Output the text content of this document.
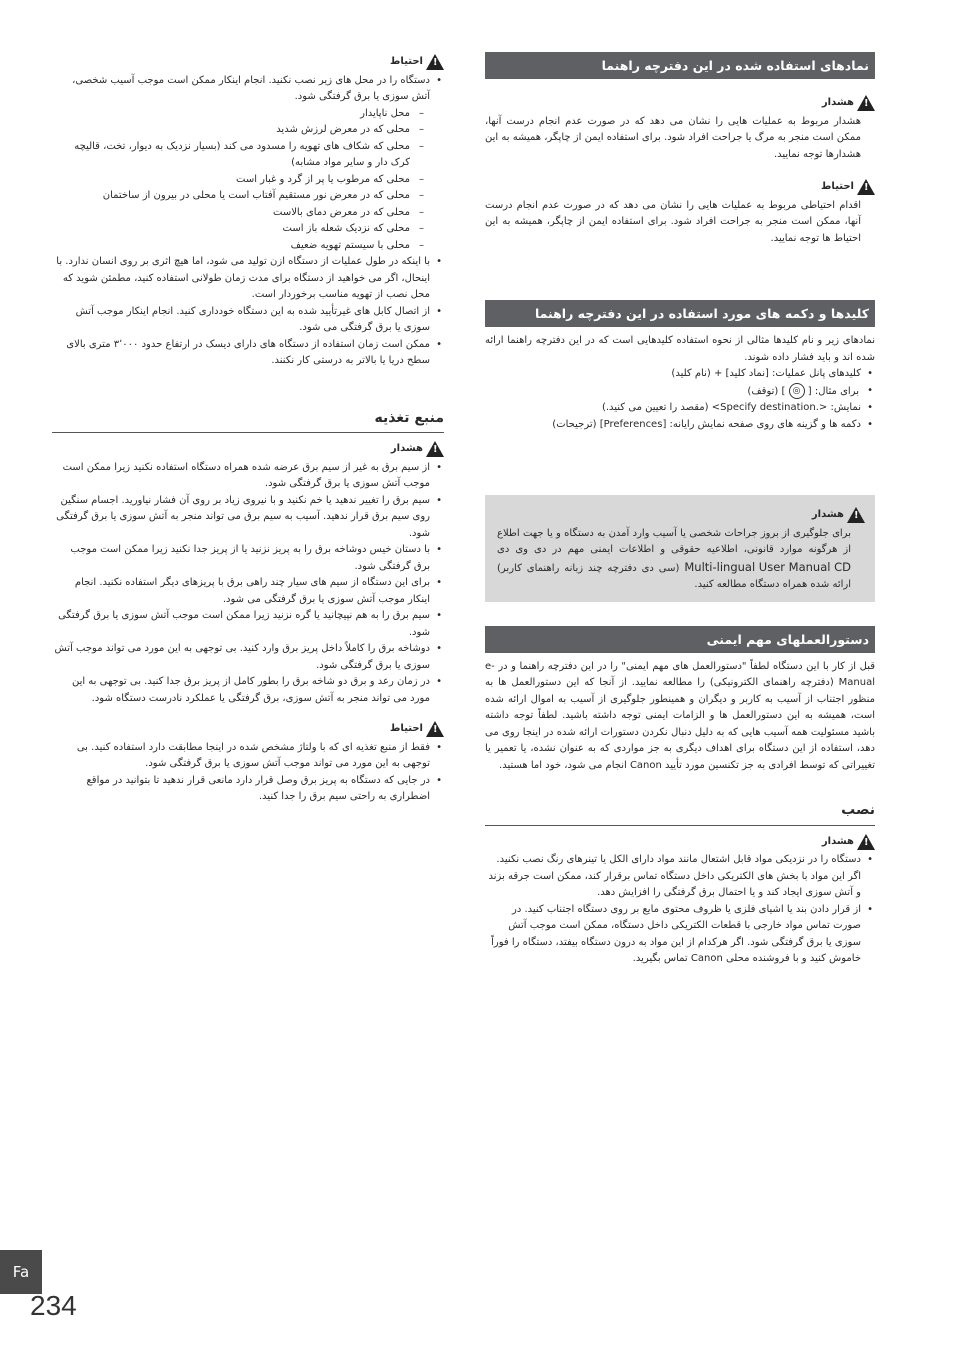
نمادهای استفاده شده در این دفترچه راهنما
!
هشدار

هشدار مربوط به عملیات هایی را نشان می دهد که در صورت عدم انجام درست آنها، ممکن است منجر به مرگ یا جراحت افراد شود. برای استفاده ایمن از چاپگر، همیشه به این هشدارها توجه نمایید.

!
احتیاط

اقدام احتیاطی مربوط به عملیات هایی را نشان می دهد که در صورت عدم انجام درست آنها، ممکن است منجر به جراحت افراد شود. برای استفاده ایمن از چاپگر، همیشه به این احتیاط ها توجه نمایید.

کلیدها و دکمه های مورد استفاده در این دفترچه راهنما

نمادهای زیر و نام کلیدها مثالی از نحوه استفاده کلیدهایی است که در این دفترچه راهنما ارائه شده اند و باید فشار داده شوند.

• کلیدهای پانل عملیات: [نماد کلید] + (نام کلید)
• برای مثال: [ ◎ ] (توقف)
• نمایش: <Specify destination.> (مقصد را تعیین می کنید.)
• دکمه ها و گزینه های روی صفحه نمایش رایانه: [Preferences] (ترجیحات)
!
هشدار

برای جلوگیری از بروز جراحات شخصی یا آسیب وارد آمدن به دستگاه و یا جهت اطلاع از هرگونه موارد قانونی، اطلاعیه حقوقی و اطلاعات ایمنی مهم در دی وی دی Multi-lingual User Manual CD (سی دی دفترچه چند زبانه راهنمای کاربر) ارائه شده همراه دستگاه مطالعه کنید.

دستورالعملهای مهم ایمنی

قبل از کار با این دستگاه لطفاً "دستورالعمل های مهم ایمنی" را در این دفترچه راهنما و در e-Manual (دفترچه راهنمای الکترونیکی) را مطالعه نمایید. از آنجا که این دستورالعمل ها به منظور اجتناب از آسیب به کاربر و دیگران و همینطور جلوگیری از آسیب به اموال ارائه شده است، همیشه به این دستورالعمل ها و الزامات ایمنی توجه داشته باشید. لطفاً توجه داشته باشید مسئولیت همه آسیب هایی که به دلیل دنبال نکردن دستورات ارائه شده در اینجا روی می دهد، استفاده از این دستگاه برای اهداف دیگری به جز مواردی که به عنوان نشده، یا تعمیر یا تغییراتی که توسط افرادی به جز تکنسین مورد تأیید Canon انجام می شود، خود اما هستید.

نصب
!
هشدار
• دستگاه را در نزدیکی مواد قابل اشتعال مانند مواد دارای الکل یا تینرهای رنگ نصب نکنید. اگر این مواد با بخش های الکتریکی داخل دستگاه تماس برقرار کند، ممکن است جرقه بزند و آتش سوزی ایجاد کند و یا احتمال برق گرفتگی را افزایش دهد.
• از قرار دادن بند یا اشیای فلزی یا ظروف محتوی مایع بر روی دستگاه اجتناب کنید. در صورت تماس مواد خارجی با قطعات الکتریکی داخل دستگاه، ممکن است موجب آتش سوزی یا برق گرفتگی شود. اگر هرکدام از این مواد به درون دستگاه بیفتد، دستگاه را فوراً خاموش کنید و با فروشنده محلی Canon تماس بگیرید.
!
احتیاط
• دستگاه را در محل های زیر نصب نکنید. انجام اینکار ممکن است موجب آسیب شخصی، آتش سوزی یا برق گرفتگی شود.
– محل ناپایدار
– محلی که در معرض لرزش شدید
– محلی که شکاف های تهویه را مسدود می کند (بسیار نزدیک به دیوار، تخت، قالیچه کرک دار و سایر مواد مشابه)
– محلی که مرطوب یا پر از گرد و غبار است
– محلی که در معرض نور مستقیم آفتاب است یا محلی در بیرون از ساختمان
– محلی که در معرض دمای بالاست
– محلی که نزدیک شعله باز است
– محلی با سیستم تهویه ضعیف
• با اینکه در طول عملیات از دستگاه ازن تولید می شود، اما هیچ اثری بر روی انسان ندارد. با اینحال، اگر می خواهید از دستگاه برای مدت زمان طولانی استفاده کنید، مطمئن شوید که محل نصب از تهویه مناسب برخوردار است.
• از اتصال کابل های غیرتأیید شده به این دستگاه خودداری کنید. انجام اینکار موجب آتش سوزی یا برق گرفتگی می شود.
• ممکن است زمان استفاده از دستگاه های دارای دیسک در ارتفاع حدود ۳٬۰۰۰ متری بالای سطح دریا یا بالاتر به درستی کار نکنند.
منبع تغذیه
!
هشدار
• از سیم برق به غیر از سیم برق عرضه شده همراه دستگاه استفاده نکنید زیرا ممکن است موجب آتش سوزی یا برق گرفتگی شود.
• سیم برق را تغییر ندهید یا خم نکنید و با نیروی زیاد بر روی آن فشار نیاورید. اجسام سنگین روی سیم برق قرار ندهید. آسیب به سیم برق می تواند منجر به آتش سوزی یا برق گرفتگی شود.
• با دستان خیس دوشاخه برق را به پریز نزنید یا از پریز جدا نکنید زیرا ممکن است موجب برق گرفتگی شود.
• برای این دستگاه از سیم های سیار چند راهی برق با پریزهای دیگر استفاده نکنید. انجام اینکار موجب آتش سوزی یا برق گرفتگی می شود.
• سیم برق را به هم نپیچانید یا گره نزنید زیرا ممکن است موجب آتش سوزی یا برق گرفتگی شود.
• دوشاخه برق را کاملاً داخل پریز برق وارد کنید. بی توجهی به این مورد می تواند موجب آتش سوزی یا برق گرفتگی شود.
• در زمان رعد و برق دو شاخه برق را بطور کامل از پریز برق جدا کنید. بی توجهی به این مورد می تواند منجر به آتش سوزی، برق گرفتگی یا عملکرد نادرست دستگاه شود.
!
احتیاط
• فقط از منبع تغذیه ای که با ولتاژ مشخص شده در اینجا مطابقت دارد استفاده کنید. بی توجهی به این مورد می تواند موجب آتش سوزی یا برق گرفتگی شود.
• در جایی که دستگاه به پریز برق وصل قرار دارد مانعی قرار ندهید تا بتوانید در مواقع اضطراری به راحتی سیم برق را جدا کنید.
Fa
234
